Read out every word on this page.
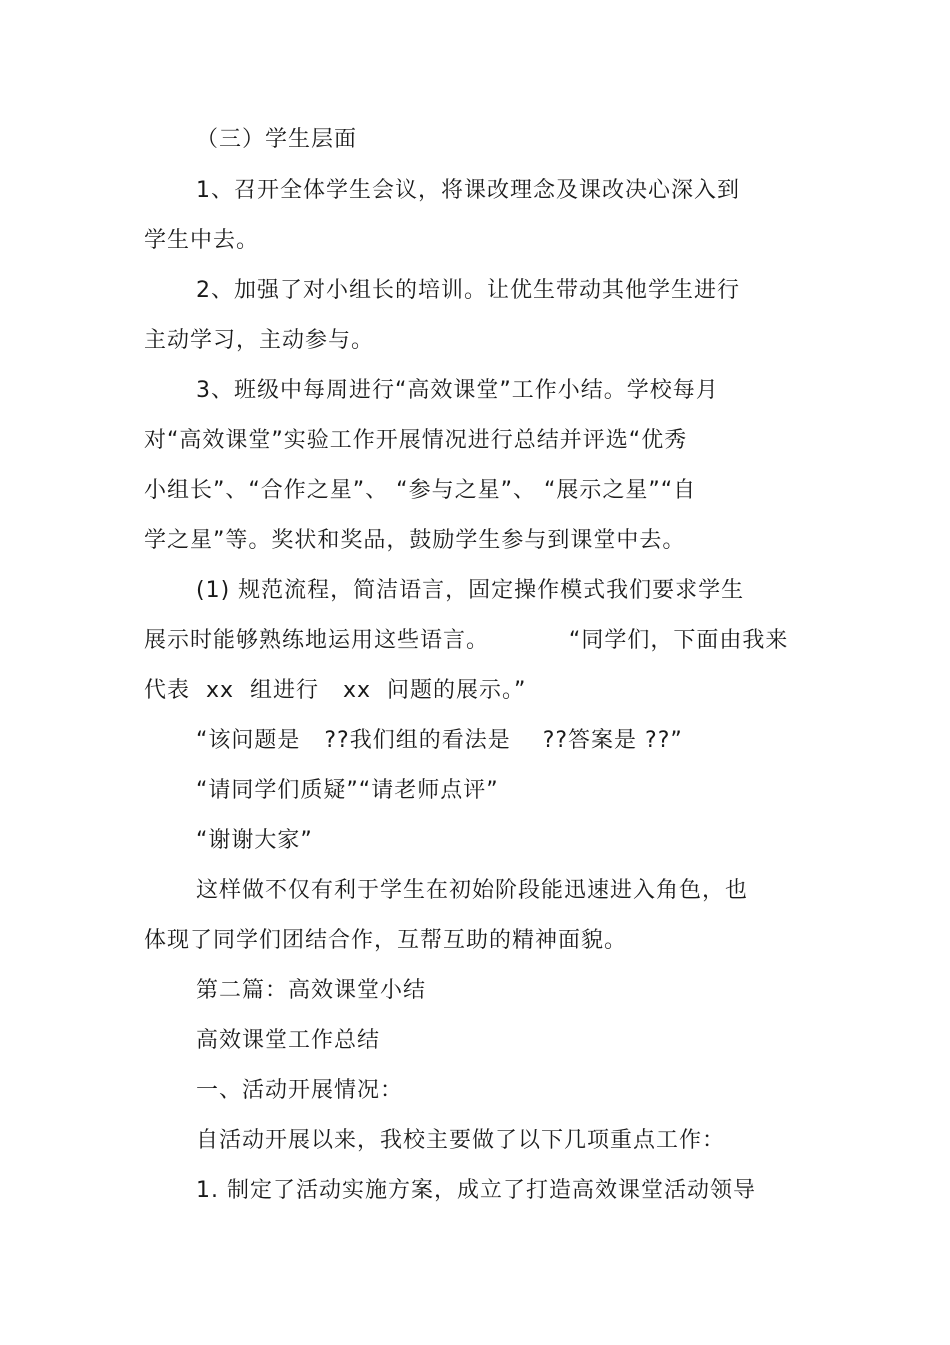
（三）学生层面
1、召开全体学生会议，将课改理念及课改决心深入到
学生中去。
2、加强了对小组长的培训。让优生带动其他学生进行
主动学习，主动参与。
3、班级中每周进行“高效课堂”工作小结。学校每月
对“高效课堂”实验工作开展情况进行总结并评选“优秀
小组长”、“合作之星”、 “参与之星”、 “展示之星”“自
学之星”等。奖状和奖品，鼓励学生参与到课堂中去。
(1) 规范流程，简洁语言，固定操作模式我们要求学生
展示时能够熟练地运用这些语言。          “同学们，下面由我来
代表  xx  组进行   xx  问题的展示。”
“该问题是   ??我们组的看法是    ??答案是 ??”
“请同学们质疑”“请老师点评”
“谢谢大家”
这样做不仅有利于学生在初始阶段能迅速进入角色，也
体现了同学们团结合作，互帮互助的精神面貌。
第二篇：高效课堂小结
高效课堂工作总结
一、活动开展情况：
自活动开展以来，我校主要做了以下几项重点工作：
1. 制定了活动实施方案，成立了打造高效课堂活动领导
